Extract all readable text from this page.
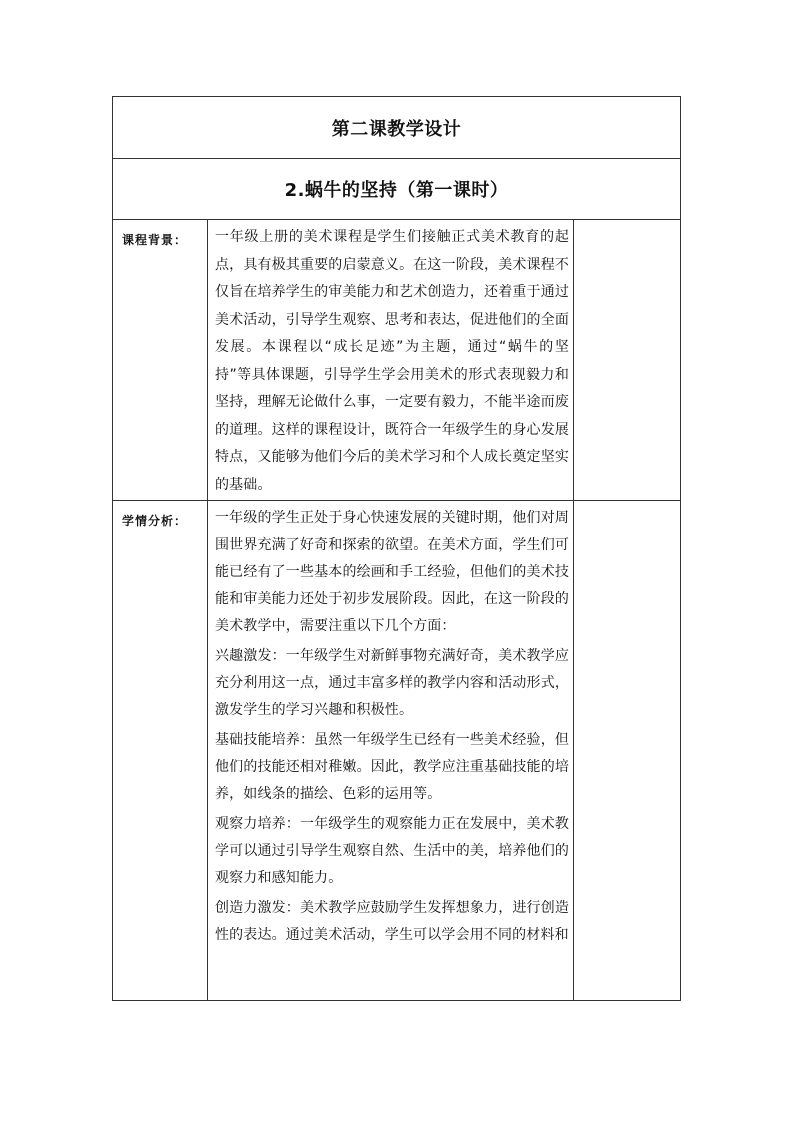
第二课教学设计
2.蜗牛的坚持（第一课时）
课程背景：	一年级上册的美术课程是学生们接触正式美术教育的起点，具有极其重要的启蒙意义。在这一阶段，美术课程不仅旨在培养学生的审美能力和艺术创造力，还着重于通过美术活动，引导学生观察、思考和表达，促进他们的全面发展。本课程以“成长足迹”为主题，通过“蜗牛的坚持”等具体课题，引导学生学会用美术的形式表现毅力和坚持，理解无论做什么事，一定要有毅力，不能半途而废的道理。这样的课程设计，既符合一年级学生的身心发展特点，又能够为他们今后的美术学习和个人成长奠定坚实的基础。

学情分析：	一年级的学生正处于身心快速发展的关键时期，他们对周围世界充满了好奇和探索的欲望。在美术方面，学生们可能已经有了一些基本的绘画和手工经验，但他们的美术技能和审美能力还处于初步发展阶段。因此，在这一阶段的美术教学中，需要注重以下几个方面：

兴趣激发：一年级学生对新鲜事物充满好奇，美术教学应充分利用这一点，通过丰富多样的教学内容和活动形式，激发学生的学习兴趣和积极性。

基础技能培养：虽然一年级学生已经有一些美术经验，但他们的技能还相对稚嫩。因此，教学应注重基础技能的培养，如线条的描绘、色彩的运用等。

观察力培养：一年级学生的观察能力正在发展中，美术教学可以通过引导学生观察自然、生活中的美，培养他们的观察力和感知能力。

创造力激发：美术教学应鼓励学生发挥想象力，进行创造性的表达。通过美术活动，学生可以学会用不同的材料和
